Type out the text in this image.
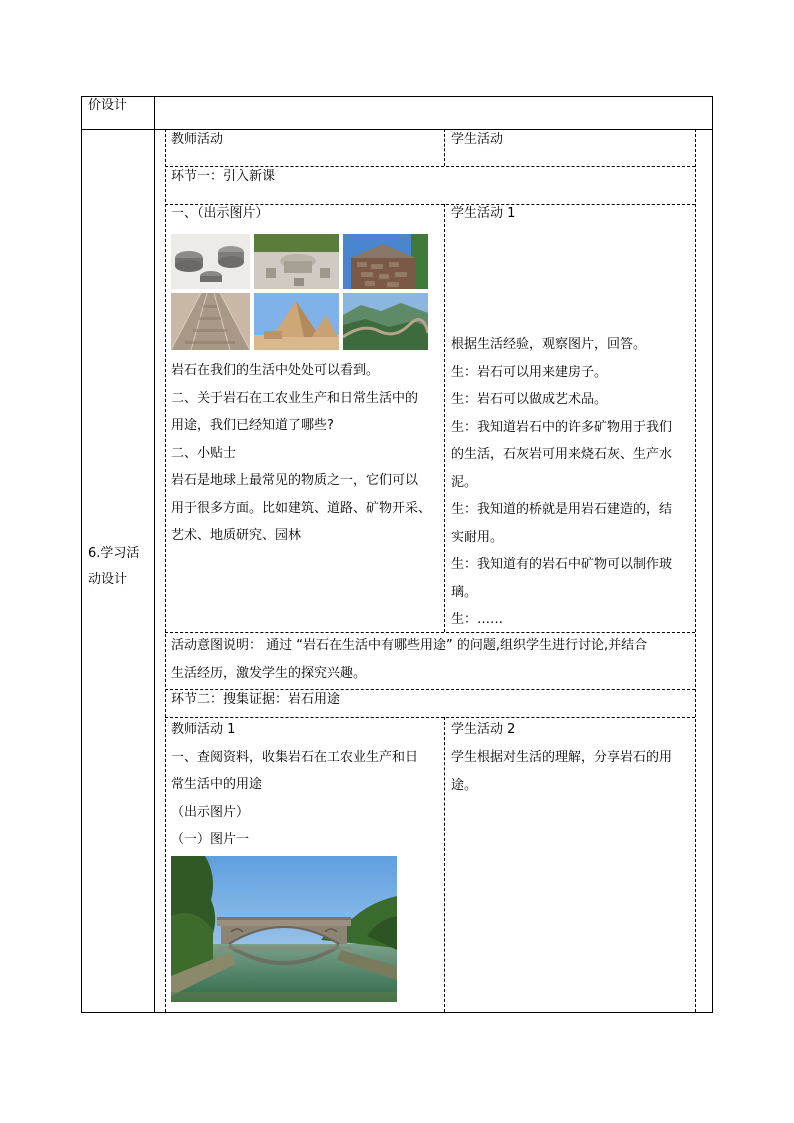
价设计
6.学习活
动设计
教师活动	学生活动
环节一：引入新课
一、（出示图片）
岩石在我们的生活中处处可以看到。
二、关于岩石在工农业生产和日常生活中的
用途，我们已经知道了哪些?
二、小贴士
岩石是地球上最常见的物质之一，它们可以
用于很多方面。比如建筑、道路、矿物开采、
艺术、地质研究、园林
学生活动 1
根据生活经验，观察图片，回答。
生：岩石可以用来建房子。
生：岩石可以做成艺术品。
生：我知道岩石中的许多矿物用于我们
的生活，石灰岩可用来烧石灰、生产水
泥。
生：我知道的桥就是用岩石建造的，结
实耐用。
生：我知道有的岩石中矿物可以制作玻
璃。
生：……
活动意图说明： 通过 “岩石在生活中有哪些用途” 的问题,组织学生进行讨论,并结合
生活经历，激发学生的探究兴趣。
环节二：搜集证据：岩石用途
教师活动 1
一、查阅资料，收集岩石在工农业生产和日
常生活中的用途
（出示图片）
（一）图片一
学生活动 2
学生根据对生活的理解，分享岩石的用
途。
